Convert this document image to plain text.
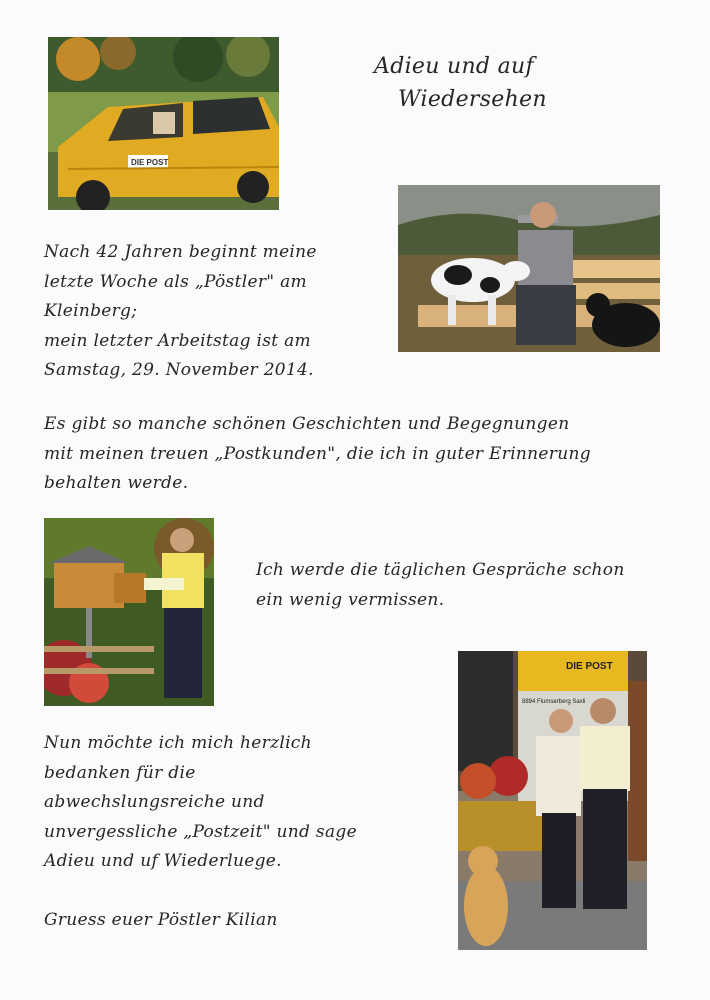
Adieu und auf
Wiedersehen
DIE POST
Nach 42 Jahren beginnt meine
letzte Woche als „Pöstler" am
Kleinberg;
mein letzter Arbeitstag ist am
Samstag, 29. November 2014.
Es gibt so manche schönen Geschichten und Begegnungen
mit meinen treuen „Postkunden", die ich in guter Erinnerung
behalten werde.
Ich werde die täglichen Gespräche schon
ein wenig vermissen.
DIE POST
8894 Flumserberg Saxli
Nun möchte ich mich herzlich
bedanken für die
abwechslungsreiche und
unvergessliche „Postzeit" und sage
Adieu und uf Wiederluege.
Gruess euer Pöstler Kilian
